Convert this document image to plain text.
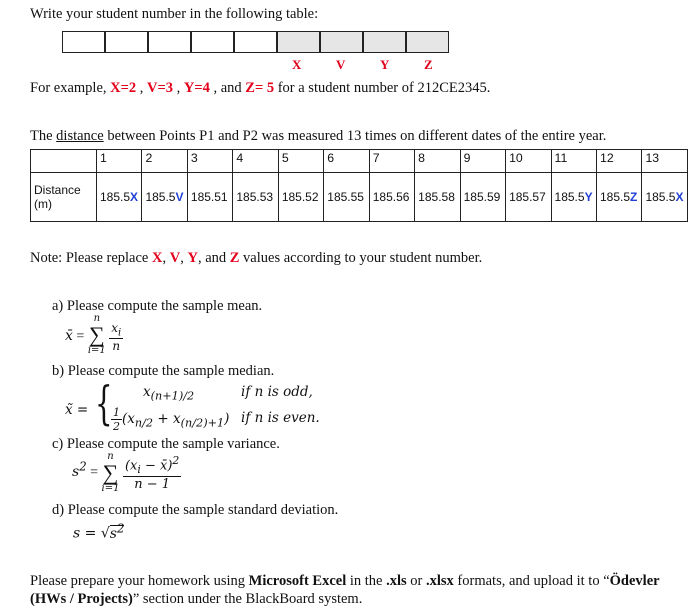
Write your student number in the following table:
X	V	Y	Z
For example, X=2 , V=3 , Y=4 , and Z= 5 for a student number of 212CE2345.
The distance between Points P1 and P2 was measured 13 times on different dates of the entire year.
	1	2	3	4	5	6	7	8	9	10	11	12	13
Distance (m)	185.5X	185.5V	185.51	185.53	185.52	185.55	185.56	185.58	185.59	185.57	185.5Y	185.5Z	185.5X
Note: Please replace X, V, Y, and Z values according to your student number.
a) Please compute the sample mean.
x̄ =
n
∑
i=1
$\frac{x_i}{n}$
b) Please compute the sample median.
x̃ = { $x_{(n+1)/2}$	if n is odd,
$\frac{1}{2} (x_{n/2} + x_{(n/2)+1})$ if n is even.
c) Please compute the sample variance.
$s^2$ =
n
∑
i=1
$\frac{(x_i - x̄)^2}{n - 1}$
d) Please compute the sample standard deviation.
$s = √s^2$
Please prepare your homework using Microsoft Excel in the .xls or .xlsx formats, and upload it to “Ödevler (HWs / Projects)” section under the BlackBoard system.
